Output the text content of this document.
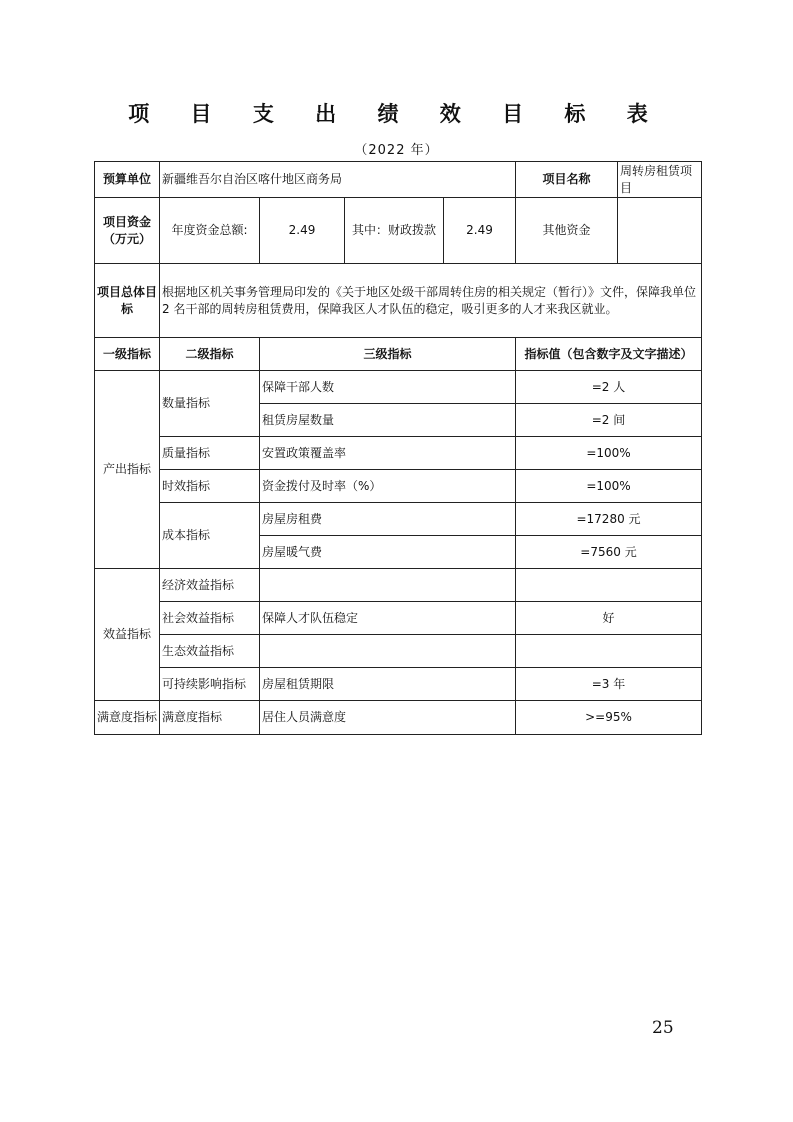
项 目 支 出 绩 效 目 标 表
（2022 年）
预算单位	新疆维吾尔自治区喀什地区商务局				项目名称	周转房租赁项目

项目资金
（万元）	年度资金总额:	2.49	其中：财政拨款	2.49	其他资金	
项目总体目标	根据地区机关事务管理局印发的《关于地区处级干部周转住房的相关规定（暂行）》文件，保障我单位2 名干部的周转房租赁费用，保障我区人才队伍的稳定，吸引更多的人才来我区就业。					
一级指标	二级指标	三级指标			指标值（包含数字及文字描述）	
产出指标	数量指标	保障干部人数			=2 人	
		租赁房屋数量			=2 间	
	质量指标	安置政策覆盖率			=100%	
	时效指标	资金拨付及时率（%）			=100%	
	成本指标	房屋房租费			=17280 元	
		房屋暖气费			=7560 元	
效益指标	经济效益指标					
	社会效益指标	保障人才队伍稳定			好	
	生态效益指标					
	可持续影响指标	房屋租赁期限			=3 年	
满意度指标	满意度指标	居住人员满意度			>=95%	
25
